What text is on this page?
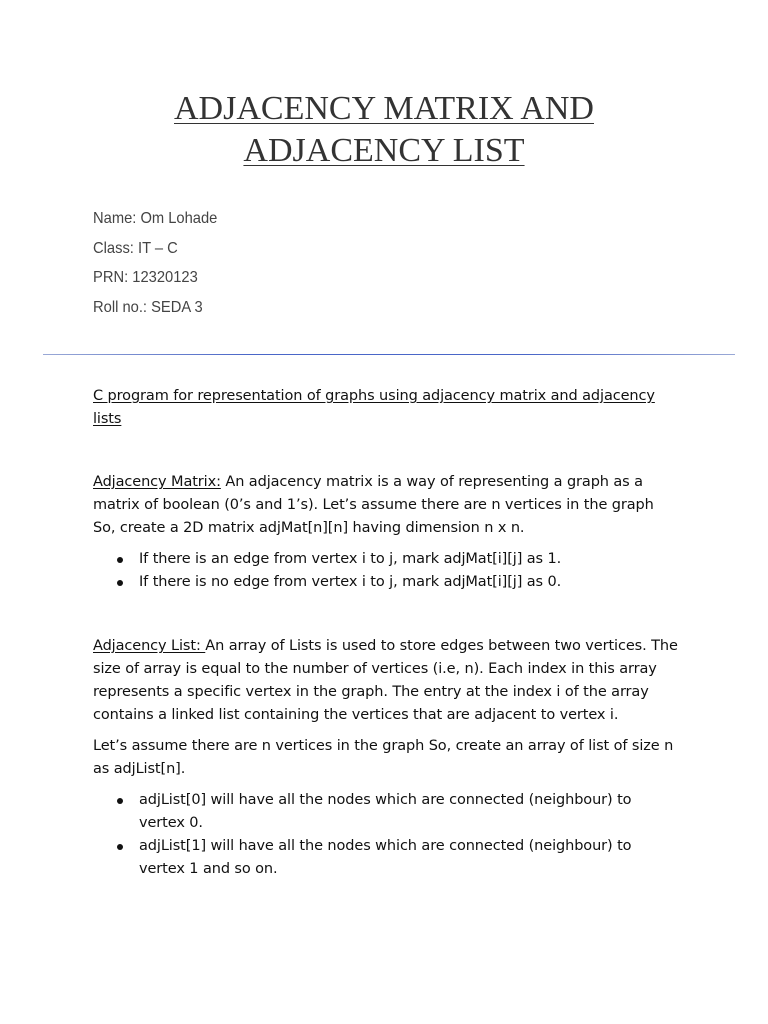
ADJACENCY MATRIX AND
ADJACENCY LIST
Name: Om Lohade
Class: IT – C
PRN: 12320123
Roll no.: SEDA 3
C program for representation of graphs using adjacency matrix and adjacency lists
Adjacency Matrix: An adjacency matrix is a way of representing a graph as a matrix of boolean (0’s and 1’s). Let’s assume there are n vertices in the graph So, create a 2D matrix adjMat[n][n] having dimension n x n.
If there is an edge from vertex i to j, mark adjMat[i][j] as 1.
If there is no edge from vertex i to j, mark adjMat[i][j] as 0.
Adjacency List: An array of Lists is used to store edges between two vertices. The size of array is equal to the number of vertices (i.e, n). Each index in this array represents a specific vertex in the graph. The entry at the index i of the array contains a linked list containing the vertices that are adjacent to vertex i.
Let’s assume there are n vertices in the graph So, create an array of list of size n as adjList[n].
adjList[0] will have all the nodes which are connected (neighbour) to vertex 0.
adjList[1] will have all the nodes which are connected (neighbour) to vertex 1 and so on.
